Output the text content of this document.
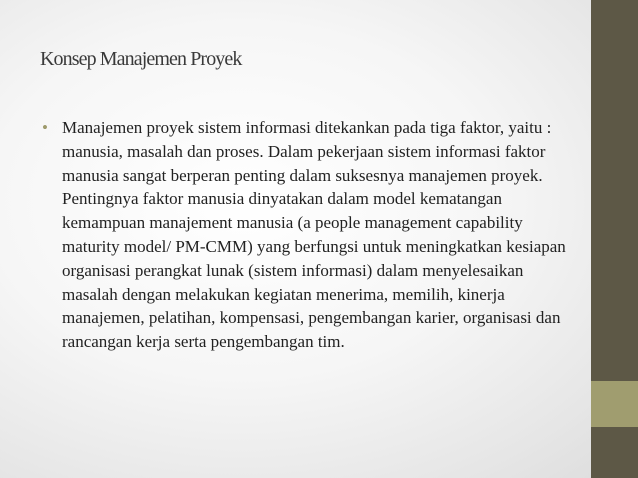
Konsep Manajemen Proyek
• Manajemen proyek sistem informasi ditekankan pada tiga faktor, yaitu : manusia, masalah dan proses. Dalam pekerjaan sistem informasi faktor manusia sangat berperan penting dalam suksesnya manajemen proyek. Pentingnya faktor manusia dinyatakan dalam model kematangan kemampuan manajement manusia (a people management capability maturity model/ PM-CMM) yang berfungsi untuk meningkatkan kesiapan organisasi perangkat lunak (sistem informasi) dalam menyelesaikan masalah dengan melakukan kegiatan menerima, memilih, kinerja manajemen, pelatihan, kompensasi, pengembangan karier, organisasi dan rancangan kerja serta pengembangan tim.
